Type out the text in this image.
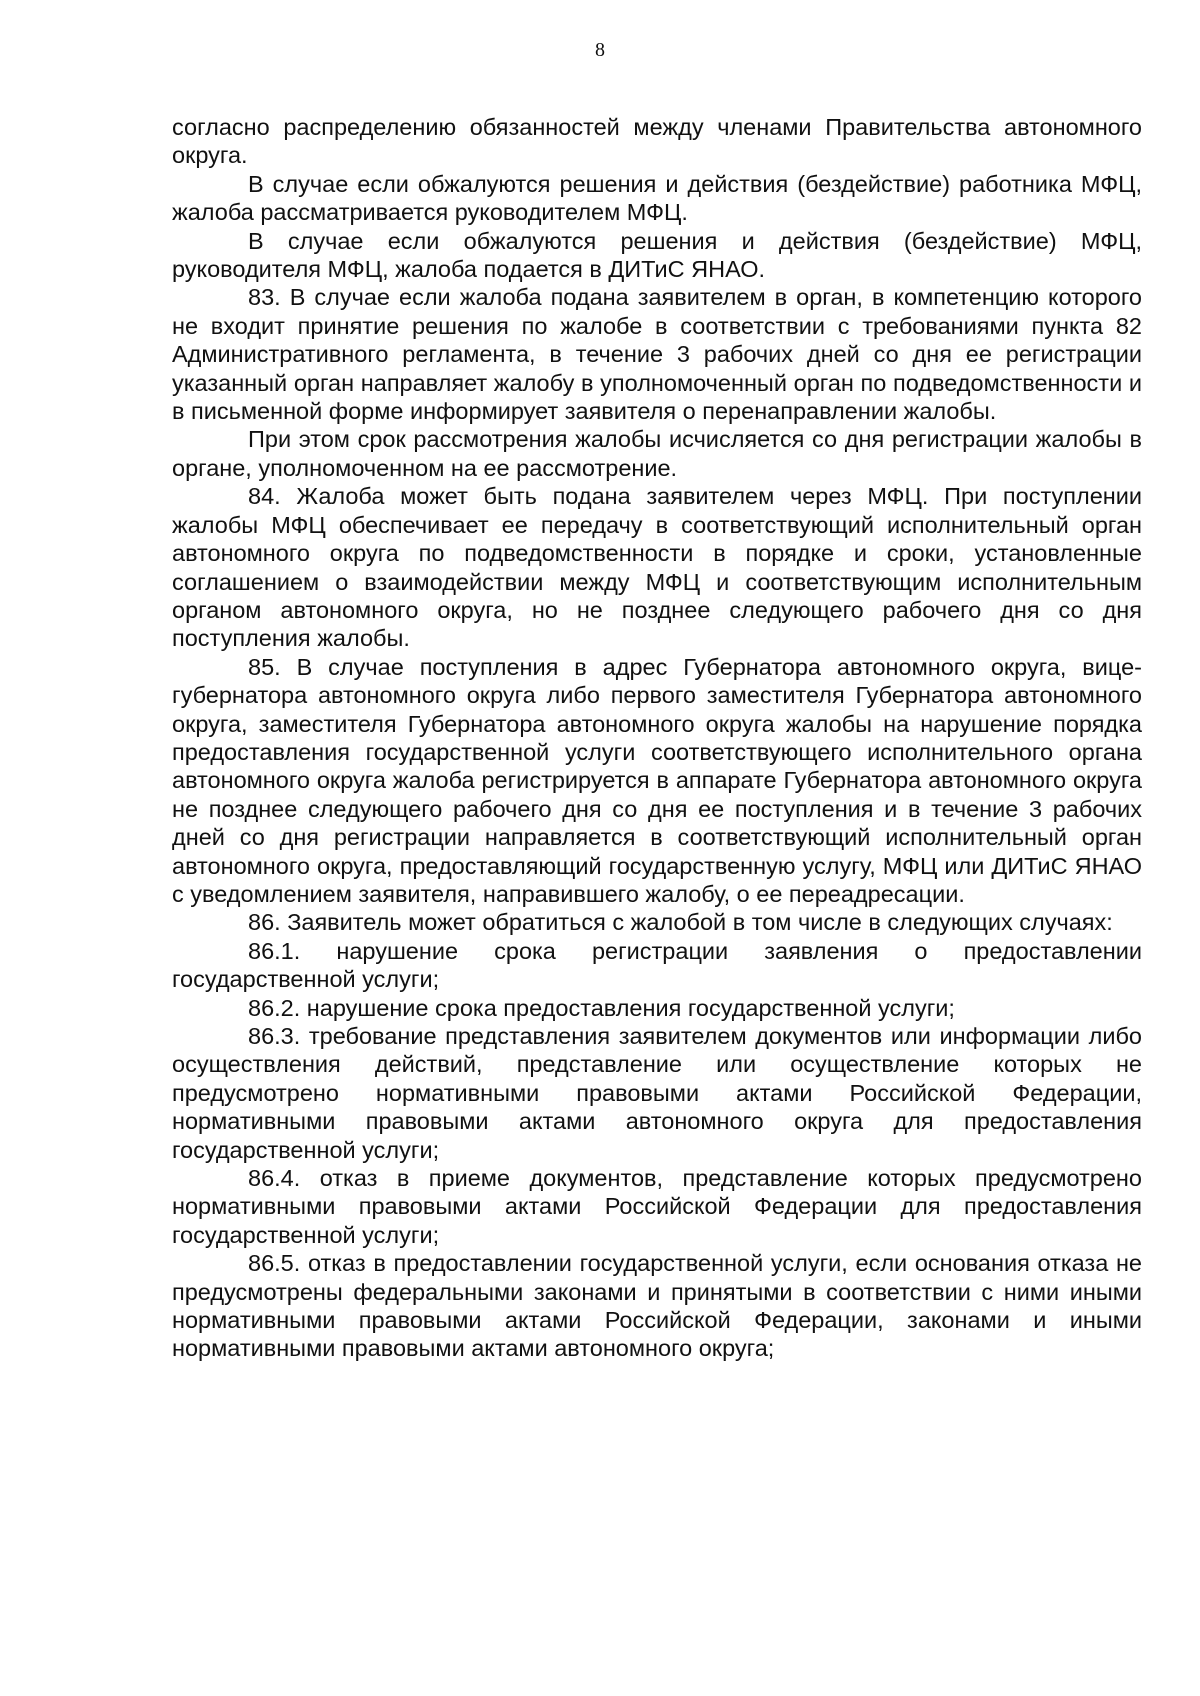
8

согласно распределению обязанностей между членами Правительства автономного округа.

В случае если обжалуются решения и действия (бездействие) работника МФЦ, жалоба рассматривается руководителем МФЦ.

В случае если обжалуются решения и действия (бездействие) МФЦ, руководителя МФЦ, жалоба подается в ДИТиС ЯНАО.

83. В случае если жалоба подана заявителем в орган, в компетенцию которого не входит принятие решения по жалобе в соответствии с требованиями пункта 82 Административного регламента, в течение 3 рабочих дней со дня ее регистрации указанный орган направляет жалобу в уполномоченный орган по подведомственности и в письменной форме информирует заявителя о перенаправлении жалобы.

При этом срок рассмотрения жалобы исчисляется со дня регистрации жалобы в органе, уполномоченном на ее рассмотрение.

84. Жалоба может быть подана заявителем через МФЦ. При поступлении жалобы МФЦ обеспечивает ее передачу в соответствующий исполнительный орган автономного округа по подведомственности в порядке и сроки, установленные соглашением о взаимодействии между МФЦ и соответствующим исполнительным органом автономного округа, но не позднее следующего рабочего дня со дня поступления жалобы.

85. В случае поступления в адрес Губернатора автономного округа, вице-губернатора автономного округа либо первого заместителя Губернатора автономного округа, заместителя Губернатора автономного округа жалобы на нарушение порядка предоставления государственной услуги соответствующего исполнительного органа автономного округа жалоба регистрируется в аппарате Губернатора автономного округа не позднее следующего рабочего дня со дня ее поступления и в течение 3 рабочих дней со дня регистрации направляется в соответствующий исполнительный орган автономного округа, предоставляющий государственную услугу, МФЦ или ДИТиС ЯНАО с уведомлением заявителя, направившего жалобу, о ее переадресации.

86. Заявитель может обратиться с жалобой в том числе в следующих случаях:

86.1. нарушение срока регистрации заявления о предоставлении государственной услуги;

86.2. нарушение срока предоставления государственной услуги;

86.3. требование представления заявителем документов или информации либо осуществления действий, представление или осуществление которых не предусмотрено нормативными правовыми актами Российской Федерации, нормативными правовыми актами автономного округа для предоставления государственной услуги;

86.4. отказ в приеме документов, представление которых предусмотрено нормативными правовыми актами Российской Федерации для предоставления государственной услуги;

86.5. отказ в предоставлении государственной услуги, если основания отказа не предусмотрены федеральными законами и принятыми в соответствии с ними иными нормативными правовыми актами Российской Федерации, законами и иными нормативными правовыми актами автономного округа;
